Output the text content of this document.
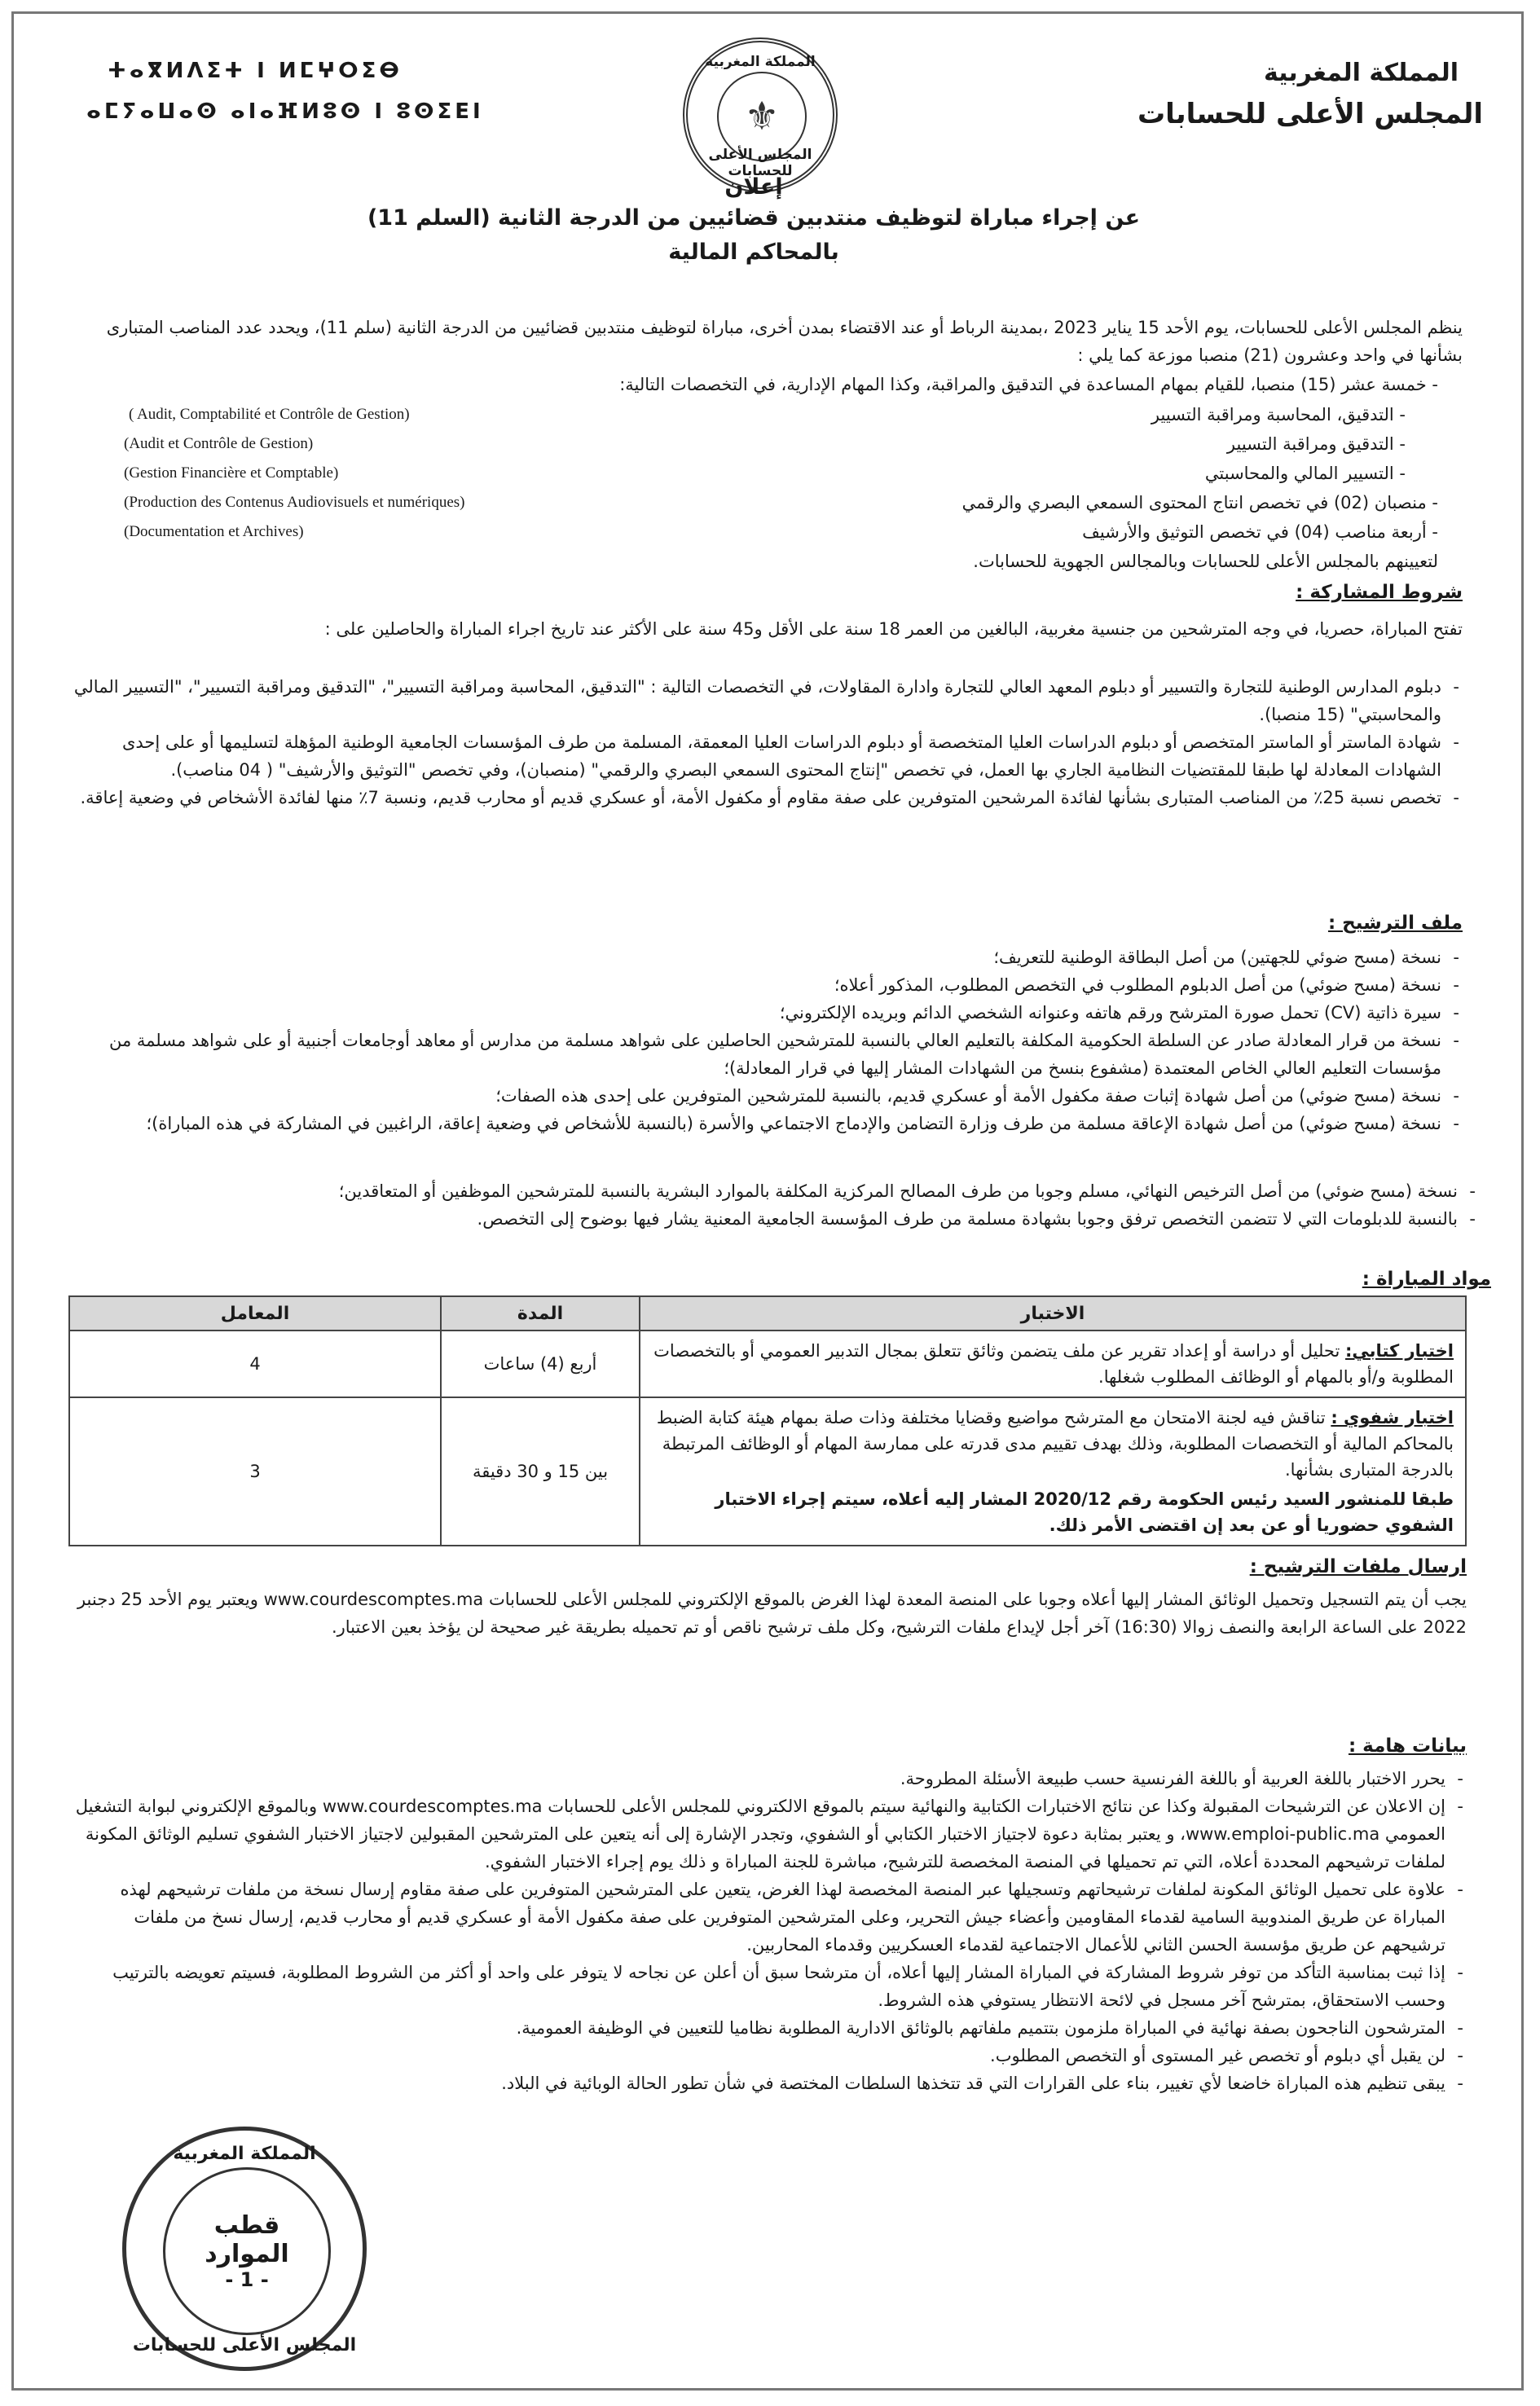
المملكة المغربية
المجلس الأعلى للحسابات
ⵜⴰⴳⵍⴷⵉⵜ ⵏ ⵍⵎⵖⵔⵉⴱ
ⴰⵎⵢⴰⵡⴰⵙ ⴰⵏⴰⴼⵍⵓⵙ ⵏ ⵓⵙⵉⴹⵏ
المملكة المغربية
⚜
المجلس الأعلى للحسابات
إعلان
عن إجراء مباراة لتوظيف منتدبين قضائيين من الدرجة الثانية (السلم 11)
بالمحاكم المالية
ينظم المجلس الأعلى للحسابات، يوم الأحد 15 يناير 2023 ،بمدينة الرباط أو عند الاقتضاء بمدن أخرى، مباراة لتوظيف منتدبين قضائيين من الدرجة الثانية (سلم 11)، ويحدد عدد المناصب المتبارى بشأنها في واحد وعشرون (21) منصبا موزعة كما يلي :
- خمسة عشر (15) منصبا، للقيام بمهام المساعدة في التدقيق والمراقبة، وكذا المهام الإدارية، في التخصصات التالية:
- التدقيق، المحاسبة ومراقبة التسيير
( Audit, Comptabilité et Contrôle de Gestion)
- التدقيق ومراقبة التسيير
(Audit et Contrôle de Gestion)
- التسيير المالي والمحاسبتي
(Gestion Financière et Comptable)
- منصبان (02) في تخصص انتاج المحتوى السمعي البصري والرقمي
(Production des Contenus Audiovisuels et numériques)
- أربعة مناصب (04) في تخصص التوثيق والأرشيف
(Documentation et Archives)
لتعيينهم بالمجلس الأعلى للحسابات وبالمجالس الجهوية للحسابات.
شروط المشاركة :
تفتح المباراة، حصريا، في وجه المترشحين من جنسية مغربية، البالغين من العمر 18 سنة على الأقل و45 سنة على الأكثر عند تاريخ اجراء المباراة والحاصلين على :
- دبلوم المدارس الوطنية للتجارة والتسيير أو دبلوم المعهد العالي للتجارة وادارة المقاولات، في التخصصات التالية : "التدقيق، المحاسبة ومراقبة التسيير"، "التدقيق ومراقبة التسيير"، "التسيير المالي والمحاسبتي" (15 منصبا).
- شهادة الماستر أو الماستر المتخصص أو دبلوم الدراسات العليا المتخصصة أو دبلوم الدراسات العليا المعمقة، المسلمة من طرف المؤسسات الجامعية الوطنية المؤهلة لتسليمها أو على إحدى الشهادات المعادلة لها طبقا للمقتضيات النظامية الجاري بها العمل، في تخصص "إنتاج المحتوى السمعي البصري والرقمي" (منصبان)، وفي تخصص "التوثيق والأرشيف" ( 04 مناصب).
- تخصص نسبة 25٪ من المناصب المتبارى بشأنها لفائدة المرشحين المتوفرين على صفة مقاوم أو مكفول الأمة، أو عسكري قديم أو محارب قديم، ونسبة 7٪ منها لفائدة الأشخاص في وضعية إعاقة.
ملف الترشيح :
- نسخة (مسح ضوئي للجهتين) من أصل البطاقة الوطنية للتعريف؛
- نسخة (مسح ضوئي) من أصل الدبلوم المطلوب في التخصص المطلوب، المذكور أعلاه؛
- سيرة ذاتية (CV) تحمل صورة المترشح ورقم هاتفه وعنوانه الشخصي الدائم وبريده الإلكتروني؛
- نسخة من قرار المعادلة صادر عن السلطة الحكومية المكلفة بالتعليم العالي بالنسبة للمترشحين الحاصلين على شواهد مسلمة من مدارس أو معاهد أوجامعات أجنبية أو على شواهد مسلمة من مؤسسات التعليم العالي الخاص المعتمدة (مشفوع بنسخ من الشهادات المشار إليها في قرار المعادلة)؛
- نسخة (مسح ضوئي) من أصل شهادة إثبات صفة مكفول الأمة أو عسكري قديم، بالنسبة للمترشحين المتوفرين على إحدى هذه الصفات؛
- نسخة (مسح ضوئي) من أصل شهادة الإعاقة مسلمة من طرف وزارة التضامن والإدماج الاجتماعي والأسرة (بالنسبة للأشخاص في وضعية إعاقة، الراغبين في المشاركة في هذه المباراة)؛
- نسخة (مسح ضوئي) من أصل الترخيص النهائي، مسلم وجوبا من طرف المصالح المركزية المكلفة بالموارد البشرية بالنسبة للمترشحين الموظفين أو المتعاقدين؛
- بالنسبة للدبلومات التي لا تتضمن التخصص ترفق وجوبا بشهادة مسلمة من طرف المؤسسة الجامعية المعنية يشار فيها بوضوح إلى التخصص.
مواد المباراة :
الاختبار	المدة	المعامل
اختبار كتابي: تحليل أو دراسة أو إعداد تقرير عن ملف يتضمن وثائق تتعلق بمجال التدبير العمومي أو بالتخصصات المطلوبة و/أو بالمهام أو الوظائف المطلوب شغلها.	أربع (4) ساعات	4
اختبار شفوي : تناقش فيه لجنة الامتحان مع المترشح مواضيع وقضايا مختلفة وذات صلة بمهام هيئة كتابة الضبط بالمحاكم المالية أو التخصصات المطلوبة، وذلك بهدف تقييم مدى قدرته على ممارسة المهام أو الوظائف المرتبطة بالدرجة المتبارى بشأنها.
طبقا للمنشور السيد رئيس الحكومة رقم 2020/12 المشار إليه أعلاه، سيتم إجراء الاختبار الشفوي حضوريا أو عن بعد إن اقتضى الأمر ذلك.	بين 15 و 30 دقيقة	3
ارسال ملفات الترشيح :
يجب أن يتم التسجيل وتحميل الوثائق المشار إليها أعلاه وجوبا على المنصة المعدة لهذا الغرض بالموقع الإلكتروني للمجلس الأعلى للحسابات www.courdescomptes.ma ويعتبر يوم الأحد 25 دجنبر 2022 على الساعة الرابعة والنصف زوالا (16:30) آخر أجل لإيداع ملفات الترشيح، وكل ملف ترشيح ناقص أو تم تحميله بطريقة غير صحيحة لن يؤخذ بعين الاعتبار.
بيانات هامة :
- يحرر الاختبار باللغة العربية أو باللغة الفرنسية حسب طبيعة الأسئلة المطروحة.
- إن الاعلان عن الترشيحات المقبولة وكذا عن نتائج الاختبارات الكتابية والنهائية سيتم بالموقع الالكتروني للمجلس الأعلى للحسابات www.courdescomptes.ma وبالموقع الإلكتروني لبوابة التشغيل العمومي www.emploi-public.ma، و يعتبر بمثابة دعوة لاجتياز الاختبار الكتابي أو الشفوي، وتجدر الإشارة إلى أنه يتعين على المترشحين المقبولين لاجتياز الاختبار الشفوي تسليم الوثائق المكونة لملفات ترشيحهم المحددة أعلاه، التي تم تحميلها في المنصة المخصصة للترشيح، مباشرة للجنة المباراة و ذلك يوم إجراء الاختبار الشفوي.
- علاوة على تحميل الوثائق المكونة لملفات ترشيحاتهم وتسجيلها عبر المنصة المخصصة لهذا الغرض، يتعين على المترشحين المتوفرين على صفة مقاوم إرسال نسخة من ملفات ترشيحهم لهذه المباراة عن طريق المندوبية السامية لقدماء المقاومين وأعضاء جيش التحرير، وعلى المترشحين المتوفرين على صفة مكفول الأمة أو عسكري قديم أو محارب قديم، إرسال نسخ من ملفات ترشيحهم عن طريق مؤسسة الحسن الثاني للأعمال الاجتماعية لقدماء العسكريين وقدماء المحاربين.
- إذا ثبت بمناسبة التأكد من توفر شروط المشاركة في المباراة المشار إليها أعلاه، أن مترشحا سبق أن أعلن عن نجاحه لا يتوفر على واحد أو أكثر من الشروط المطلوبة، فسيتم تعويضه بالترتيب وحسب الاستحقاق، بمترشح آخر مسجل في لائحة الانتظار يستوفي هذه الشروط.
- المترشحون الناجحون بصفة نهائية في المباراة ملزمون بتتميم ملفاتهم بالوثائق الادارية المطلوبة نظاميا للتعيين في الوظيفة العمومية.
- لن يقبل أي دبلوم أو تخصص غير المستوى أو التخصص المطلوب.
- يبقى تنظيم هذه المباراة خاضعا لأي تغيير، بناء على القرارات التي قد تتخذها السلطات المختصة في شأن تطور الحالة الوبائية في البلاد.
المملكة المغربية
قطب
الموارد
- 1 -
المجلس الأعلى للحسابات
